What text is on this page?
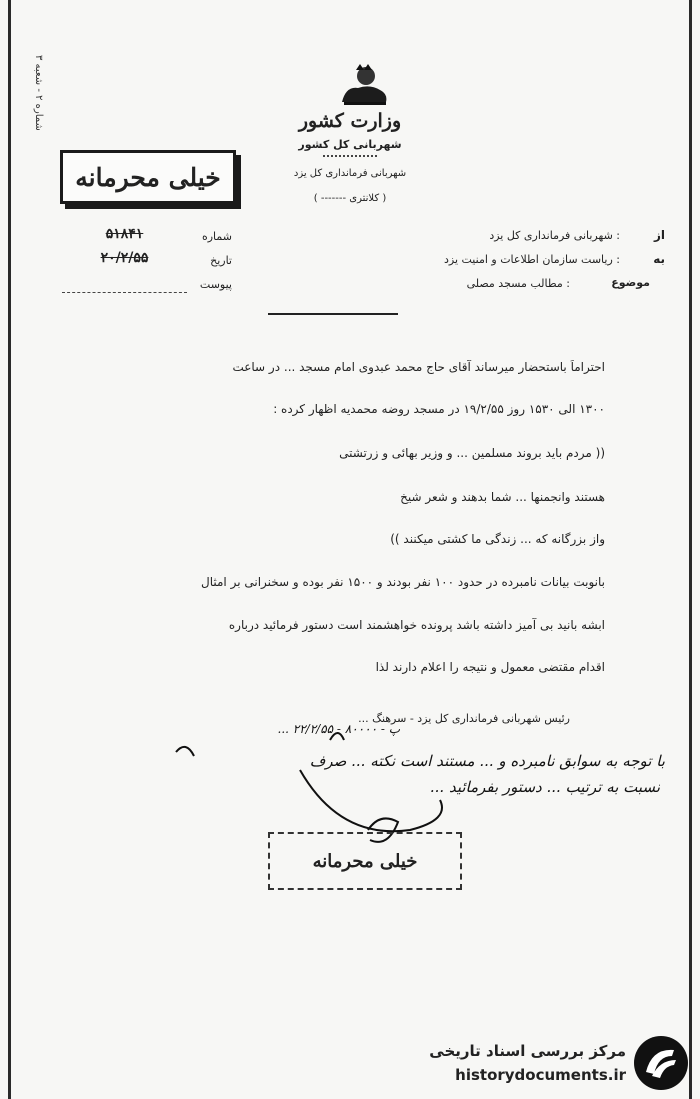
شماره ۲ - شعبه ۳	وزارت کشور
شهربانی کل کشور
شهربانی فرمانداری کل یزد
( کلانتری ------- )
خیلی محرمانه
شماره
۵۱۸۴۱
تاریخ
۲۰/۲/۵۵
پیوست
از
: شهربانی فرمانداری کل یزد
به
: ریاست سازمان اطلاعات و امنیت یزد
موضوع
: مطالب مسجد مصلی
احتراماً باستحضار میرساند آقای حاج محمد عبدوی امام مسجد ... در ساعت
۱۳۰۰ الی ۱۵۳۰ روز ۱۹/۲/۵۵ در مسجد روضه محمدیه اظهار کرده :
(( مردم باید بروند مسلمین ... و وزیر بهائی و زرتشتی
هستند وانجمنها ... شما بدهند و شعر شیخ
واز بزرگانه که ... زندگی ما کشتی میکنند ))
بانوبت بیانات نامبرده در حدود ۱۰۰ نفر بودند و ۱۵۰۰ نفر بوده و سخنرانی بر امثال
ابشه بانید بی آمیز داشته باشد پرونده خواهشمند است دستور فرمائید درباره
اقدام مقتضی معمول و نتیجه را اعلام دارند لذا
رئیس شهربانی فرمانداری کل یزد - سرهنگ ...
پ - ۸۰۰۰۰ - ۲۲/۲/۵۵ ...
با توجه به سوابق نامبرده و ... مستند است نکته ... صرف
نسبت به ترتیب ... دستور بفرمائید ...
خیلی محرمانه
مرکز بررسی اسناد تاریخی
historydocuments.ir
